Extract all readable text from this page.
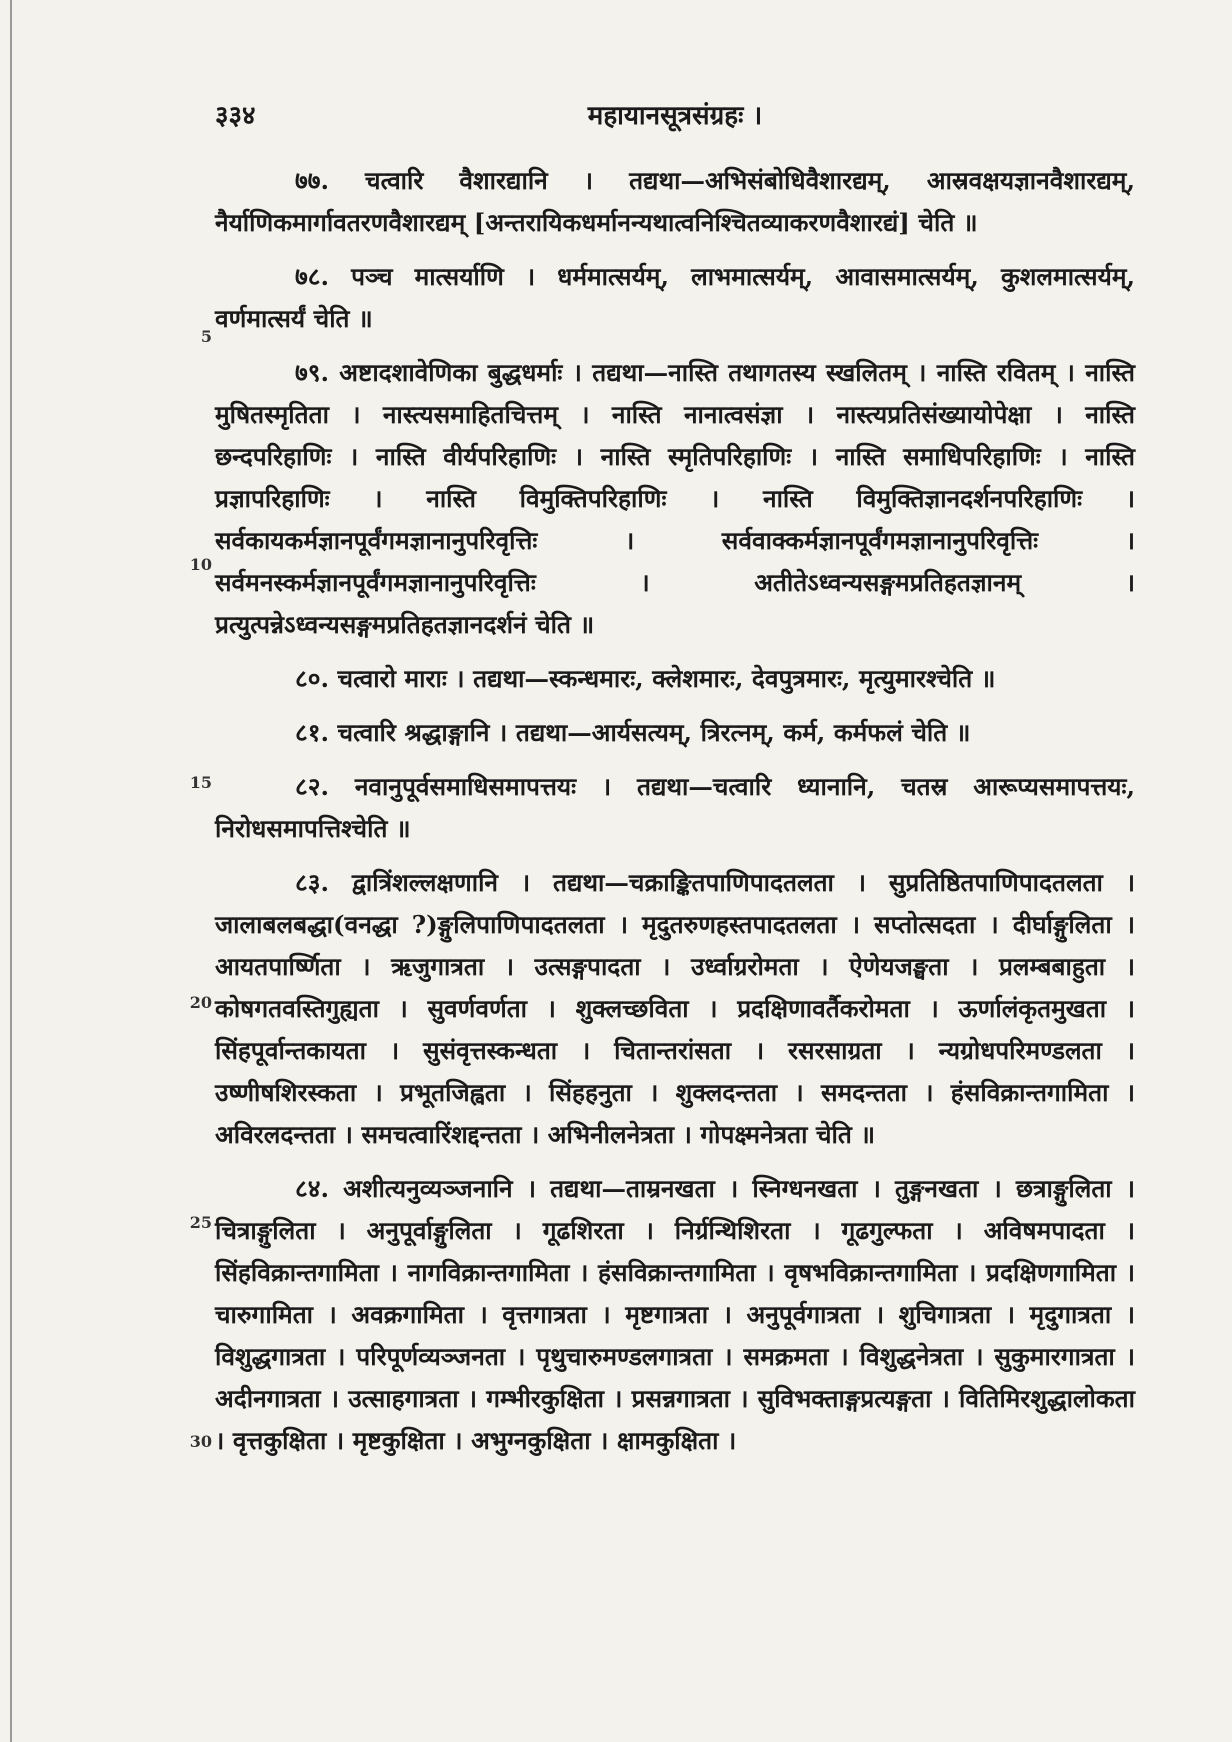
३३४	महायानसूत्रसंग्रहः ।
5
10
15
20
25
30

७७. चत्वारि वैशारद्यानि । तद्यथा—अभिसंबोधिवैशारद्यम्, आस्रवक्षयज्ञानवैशारद्यम्, नैर्याणिकमार्गावतरणवैशारद्यम् [अन्तरायिकधर्मानन्यथात्वनिश्चितव्याकरणवैशारद्यं] चेति ॥

७८. पञ्च मात्सर्याणि । धर्ममात्सर्यम्, लाभमात्सर्यम्, आवासमात्सर्यम्, कुशलमात्सर्यम्, वर्णमात्सर्यं चेति ॥

७९. अष्टादशावेणिका बुद्धधर्माः । तद्यथा—नास्ति तथागतस्य स्खलितम् । नास्ति रवितम् । नास्ति मुषितस्मृतिता । नास्त्यसमाहितचित्तम् । नास्ति नानात्वसंज्ञा । नास्त्यप्रतिसंख्यायोपेक्षा । नास्ति छन्दपरिहाणिः । नास्ति वीर्यपरिहाणिः । नास्ति स्मृतिपरिहाणिः । नास्ति समाधिपरिहाणिः । नास्ति प्रज्ञापरिहाणिः । नास्ति विमुक्तिपरिहाणिः । नास्ति विमुक्तिज्ञानदर्शनपरिहाणिः । सर्वकायकर्मज्ञानपूर्वंगमज्ञानानुपरिवृत्तिः । सर्ववाक्कर्मज्ञानपूर्वंगमज्ञानानुपरिवृत्तिः । सर्वमनस्कर्मज्ञानपूर्वंगमज्ञानानुपरिवृत्तिः । अतीतेऽध्वन्यसङ्गमप्रतिहतज्ञानम् । प्रत्युत्पन्नेऽध्वन्यसङ्गमप्रतिहतज्ञानदर्शनं चेति ॥

८०. चत्वारो माराः । तद्यथा—स्कन्धमारः, क्लेशमारः, देवपुत्रमारः, मृत्युमारश्चेति ॥

८१. चत्वारि श्रद्धाङ्गानि । तद्यथा—आर्यसत्यम्, त्रिरत्नम्, कर्म, कर्मफलं चेति ॥

८२. नवानुपूर्वसमाधिसमापत्तयः । तद्यथा—चत्वारि ध्यानानि, चतस्र आरूप्यसमापत्तयः, निरोधसमापत्तिश्चेति ॥

८३. द्वात्रिंशल्लक्षणानि । तद्यथा—चक्राङ्कितपाणिपादतलता । सुप्रतिष्ठितपाणिपादतलता । जालाबलबद्धा(वनद्धा ?)ङ्गुलिपाणिपादतलता । मृदुतरुणहस्तपादतलता । सप्तोत्सदता । दीर्घाङ्गुलिता । आयतपार्ष्णिता । ऋजुगात्रता । उत्सङ्गपादता । उर्ध्वाग्ररोमता । ऐणेयजङ्घता । प्रलम्बबाहुता । कोषगतवस्तिगुह्यता । सुवर्णवर्णता । शुक्लच्छविता । प्रदक्षिणावर्तैकरोमता । ऊर्णालंकृतमुखता । सिंहपूर्वान्तकायता । सुसंवृत्तस्कन्धता । चितान्तरांसता । रसरसाग्रता । न्यग्रोधपरिमण्डलता । उष्णीषशिरस्कता । प्रभूतजिह्वता । सिंहहनुता । शुक्लदन्तता । समदन्तता । हंसविक्रान्तगामिता । अविरलदन्तता । समचत्वारिंशद्दन्तता । अभिनीलनेत्रता । गोपक्ष्मनेत्रता चेति ॥

८४. अशीत्यनुव्यञ्जनानि । तद्यथा—ताम्रनखता । स्निग्धनखता । तुङ्गनखता । छत्राङ्गुलिता । चित्राङ्गुलिता । अनुपूर्वाङ्गुलिता । गूढशिरता । निर्ग्रन्थिशिरता । गूढगुल्फता । अविषमपादता । सिंहविक्रान्तगामिता । नागविक्रान्तगामिता । हंसविक्रान्तगामिता । वृषभविक्रान्तगामिता । प्रदक्षिणगामिता । चारुगामिता । अवक्रगामिता । वृत्तगात्रता । मृष्टगात्रता । अनुपूर्वगात्रता । शुचिगात्रता । मृदुगात्रता । विशुद्धगात्रता । परिपूर्णव्यञ्जनता । पृथुचारुमण्डलगात्रता । समक्रमता । विशुद्धनेत्रता । सुकुमारगात्रता । अदीनगात्रता । उत्साहगात्रता । गम्भीरकुक्षिता । प्रसन्नगात्रता । सुविभक्ताङ्गप्रत्यङ्गता । वितिमिरशुद्धालोकता । वृत्तकुक्षिता । मृष्टकुक्षिता । अभुग्नकुक्षिता । क्षामकुक्षिता ।
